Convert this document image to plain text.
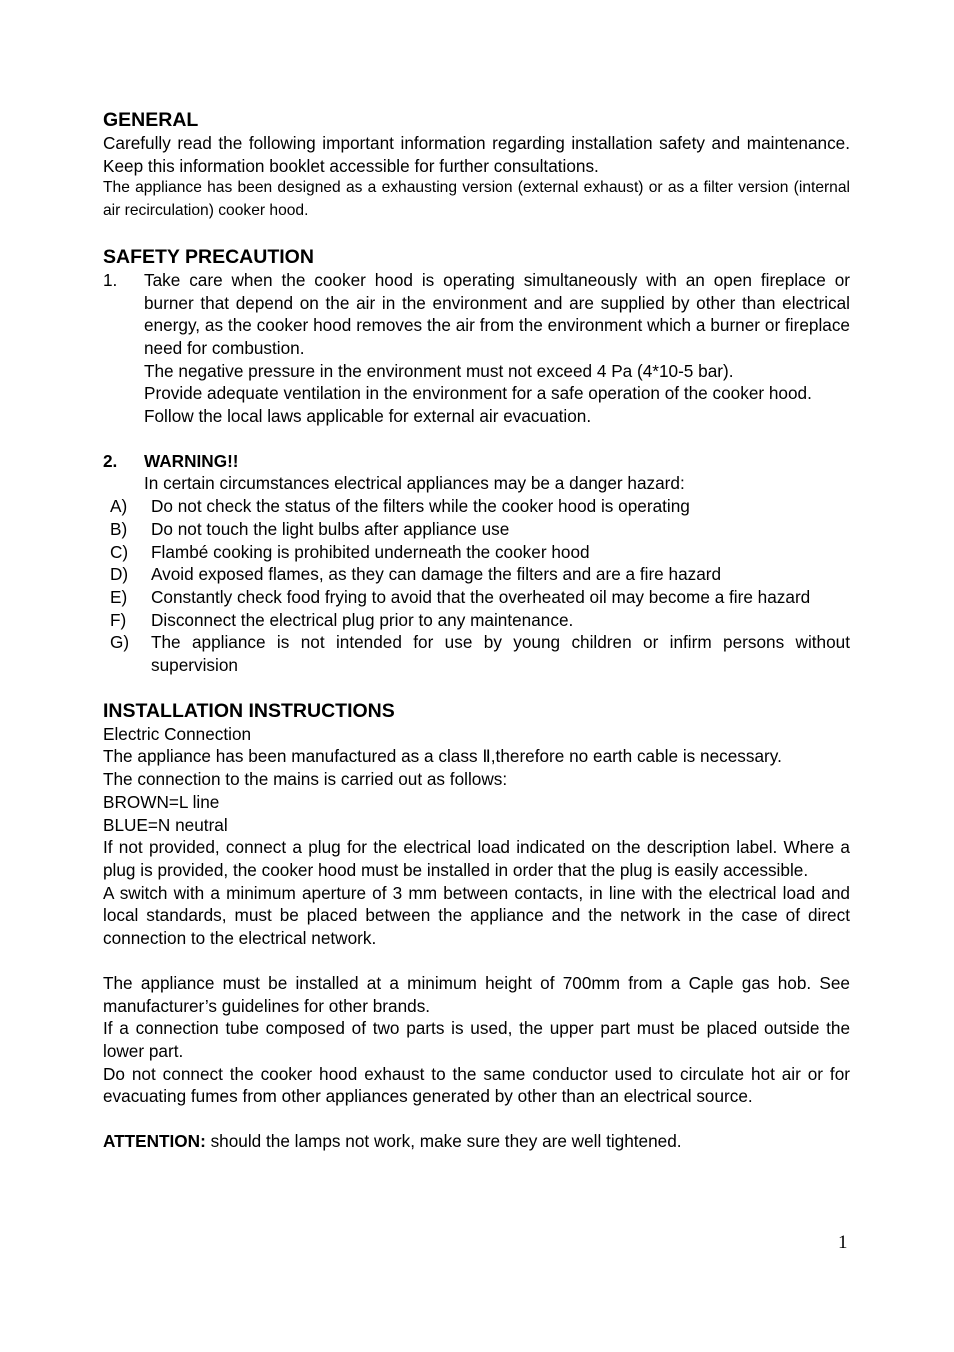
GENERAL

Carefully read the following important information regarding installation safety and maintenance. Keep this information booklet accessible for further consultations.

The appliance has been designed as a exhausting version (external exhaust) or as a filter version (internal air recirculation) cooker hood.

SAFETY PRECAUTION
1.	Take care when the cooker hood is operating simultaneously with an open fireplace or burner that depend on the air in the environment and are supplied by other than electrical energy, as the cooker hood removes the air from the environment which a burner or fireplace need for combustion.

The negative pressure in the environment must not exceed 4 Pa (4*10-5 bar).

Provide adequate ventilation in the environment for a safe operation of the cooker hood.

Follow the local laws applicable for external air evacuation.

2.	WARNING!!

In certain circumstances electrical appliances may be a danger hazard:

A)	Do not check the status of the filters while the cooker hood is operating
B)	Do not touch the light bulbs after appliance use
C)	Flambé cooking is prohibited underneath the cooker hood
D)	Avoid exposed flames, as they can damage the filters and are a fire hazard
E)	Constantly check food frying to avoid that the overheated oil may become a fire hazard
F)	Disconnect the electrical plug prior to any maintenance.
G)	The appliance is not intended for use by young children or infirm persons without supervision
INSTALLATION INSTRUCTIONS

Electric Connection

The appliance has been manufactured as a class Ⅱ,therefore no earth cable is necessary.

The connection to the mains is carried out as follows:

BROWN=L line

BLUE=N neutral

If not provided, connect a plug for the electrical load indicated on the description label. Where a plug is provided, the cooker hood must be installed in order that the plug is easily accessible.

A switch with a minimum aperture of 3 mm between contacts, in line with the electrical load and local standards, must be placed between the appliance and the network in the case of direct connection to the electrical network.

The appliance must be installed at a minimum height of 700mm from a Caple gas hob. See manufacturer’s guidelines for other brands.

If a connection tube composed of two parts is used, the upper part must be placed outside the lower part.

Do not connect the cooker hood exhaust to the same conductor used to circulate hot air or for evacuating fumes from other appliances generated by other than an electrical source.

ATTENTION: should the lamps not work, make sure they are well tightened.

1
